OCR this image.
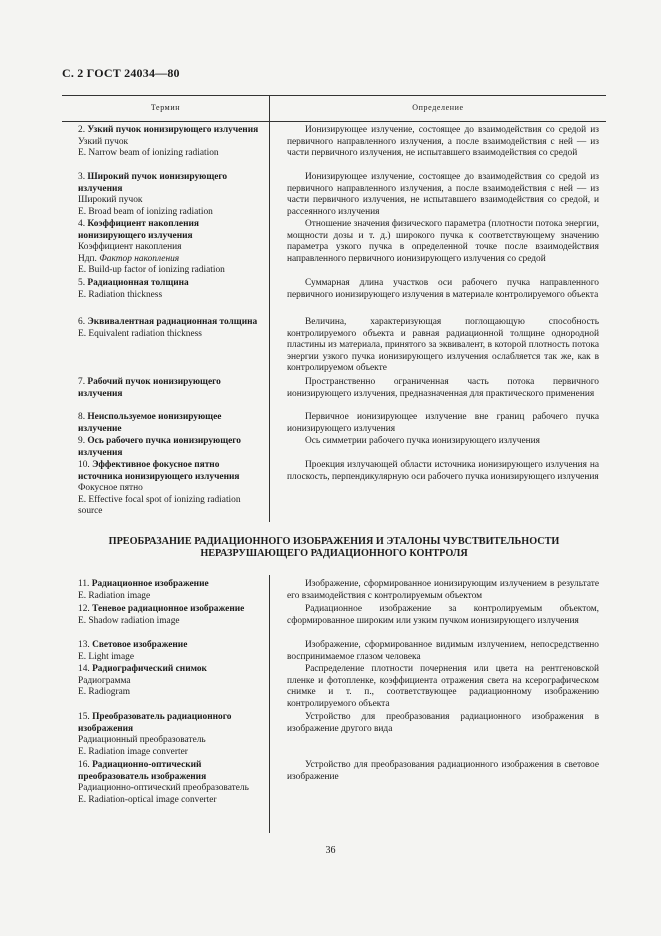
С. 2 ГОСТ 24034—80
Термин	Определение
2. Узкий пучок ионизирующего излучения
Узкий пучок
E. Narrow beam of ionizing radiation
Ионизирующее излучение, состоящее до взаимодействия со средой из первичного направленного излучения, а после взаимодействия с ней — из части первичного излучения, не испытавшего взаимодействия со средой
3. Широкий пучок ионизирующего излучения
Широкий пучок
E. Broad beam of ionizing radiation
Ионизирующее излучение, состоящее до взаимодействия со средой из первичного направленного излучения, а после взаимодействия с ней — из части первичного излучения, не испытавшего взаимодействия со средой, и рассеянного излучения
4. Коэффициент накопления ионизирующего излучения
Коэффициент накопления
Ндп. Фактор накопления
E. Build-up factor of ionizing radiation
Отношение значения физического параметра (плотности потока энергии, мощности дозы и т. д.) широкого пучка к соответствующему значению параметра узкого пучка в определенной точке после взаимодействия направленного первичного ионизирующего излучения со средой
5. Радиационная толщина
E. Radiation thickness
Суммарная длина участков оси рабочего пучка направленного первичного ионизирующего излучения в материале контролируемого объекта
6. Эквивалентная радиационная толщина
E. Equivalent radiation thickness
Величина, характеризующая поглощающую способность контролируемого объекта и равная радиационной толщине однородной пластины из материала, принятого за эквивалент, в которой плотность потока энергии узкого пучка ионизирующего излучения ослабляется так же, как в контролируемом объекте
7. Рабочий пучок ионизирующего излучения
Пространственно ограниченная часть потока первичного ионизирующего излучения, предназначенная для практического применения
8. Неиспользуемое ионизирующее излучение
Первичное ионизирующее излучение вне границ рабочего пучка ионизирующего излучения
9. Ось рабочего пучка ионизирующего излучения
Ось симметрии рабочего пучка ионизирующего излучения
10. Эффективное фокусное пятно источника ионизирующего излучения
Фокусное пятно
E. Effective focal spot of ionizing radiation source
Проекция излучающей области источника ионизирующего излучения на плоскость, перпендикулярную оси рабочего пучка ионизирующего излучения
ПРЕОБРАЗАНИЕ РАДИАЦИОННОГО ИЗОБРАЖЕНИЯ И ЭТАЛОНЫ ЧУВСТВИТЕЛЬНОСТИ НЕРАЗРУШАЮЩЕГО РАДИАЦИОННОГО КОНТРОЛЯ
11. Радиационное изображение
E. Radiation image
Изображение, сформированное ионизирующим излучением в результате его взаимодействия с контролируемым объектом
12. Теневое радиационное изображение
E. Shadow radiation image
Радиационное изображение за контролируемым объектом, сформированное широким или узким пучком ионизирующего излучения
13. Световое изображение
E. Light image
Изображение, сформированное видимым излучением, непосредственно воспринимаемое глазом человека
14. Радиографический снимок
Радиограмма
E. Radiogram
Распределение плотности почернения или цвета на рентгеновской пленке и фотопленке, коэффициента отражения света на ксерографическом снимке и т. п., соответствующее радиационному изображению контролируемого объекта
15. Преобразователь радиационного изображения
Радиационный преобразователь
E. Radiation image converter
Устройство для преобразования радиационного изображения в изображение другого вида
16. Радиационно-оптический преобразователь изображения
Радиационно-оптический преобразователь
E. Radiation-optical image converter
Устройство для преобразования радиационного изображения в световое изображение
36
